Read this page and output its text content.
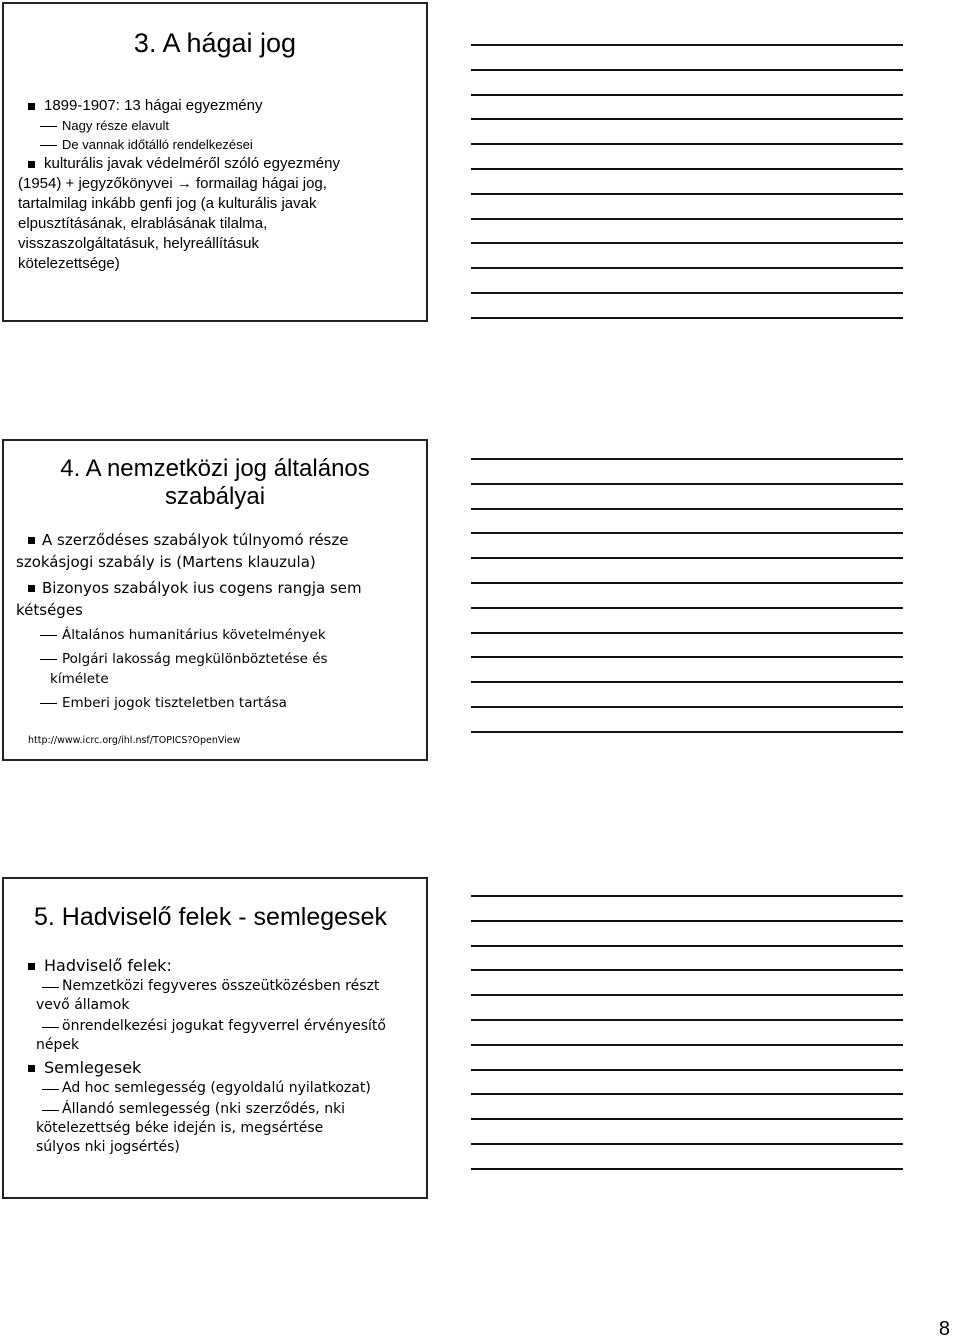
3. A hágai jog
1899-1907: 13 hágai egyezmény
Nagy része elavult
De vannak időtálló rendelkezései
kulturális javak védelméről szóló egyezmény
(1954) + jegyzőkönyvei → formailag hágai jog,
tartalmilag inkább genfi jog (a kulturális javak
elpusztításának, elrablásának tilalma,
visszaszolgáltatásuk, helyreállításuk
kötelezettsége)
4. A nemzetközi jog általános
szabályai
A szerződéses szabályok túlnyomó része
szokásjogi szabály is (Martens klauzula)
Bizonyos szabályok ius cogens rangja sem
kétséges
Általános humanitárius követelmények
Polgári lakosság megkülönböztetése és
kímélete
Emberi jogok tiszteletben tartása
http://www.icrc.org/ihl.nsf/TOPICS?OpenView
5. Hadviselő felek - semlegesek
Hadviselő felek:
Nemzetközi fegyveres összeütközésben részt
vevő államok
önrendelkezési jogukat fegyverrel érvényesítő
népek
Semlegesek
Ad hoc semlegesség (egyoldalú nyilatkozat)
Állandó semlegesség (nki szerződés, nki
kötelezettség béke idején is, megsértése
súlyos nki jogsértés)
8
